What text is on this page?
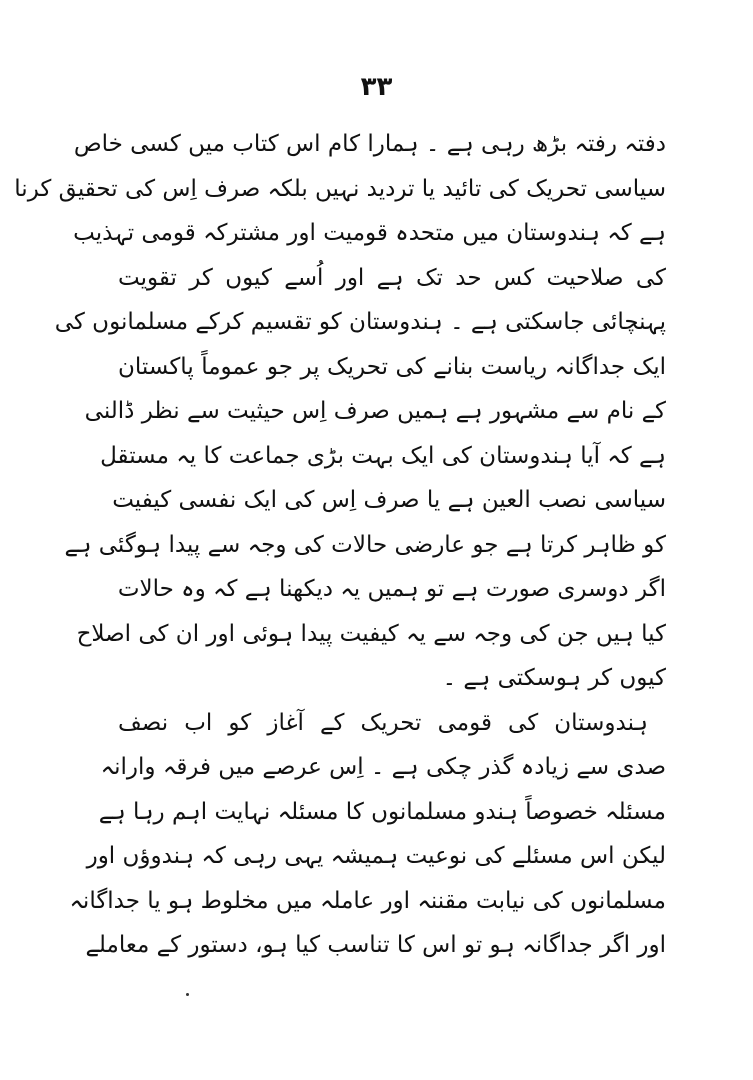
۳۳
دفتہ رفتہ بڑھ رہی ہے ۔ ہمارا کام اس کتاب میں کسی خاص
سیاسی تحریک کی تائید یا تردید نہیں بلکہ صرف اِس کی تحقیق کرنا
ہے کہ ہندوستان میں متحدہ قومیت اور مشترکہ قومی تہذیب
کی صلاحیت کس حد تک ہے اور اُسے کیوں کر تقویت
پہنچائی جاسکتی ہے ۔ ہندوستان کو تقسیم کرکے مسلمانوں کی
ایک جداگانہ ریاست بنانے کی تحریک پر جو عموماً پاکستان
کے نام سے مشہور ہے ہمیں صرف اِس حیثیت سے نظر ڈالنی
ہے کہ آیا ہندوستان کی ایک بہت بڑی جماعت کا یہ مستقل
سیاسی نصب العین ہے یا صرف اِس کی ایک نفسی کیفیت
کو ظاہر کرتا ہے جو عارضی حالات کی وجہ سے پیدا ہوگئی ہے
اگر دوسری صورت ہے تو ہمیں یہ دیکھنا ہے کہ وہ حالات
کیا ہیں جن کی وجہ سے یہ کیفیت پیدا ہوئی اور ان کی اصلاح
کیوں کر ہوسکتی ہے ۔
ہندوستان کی قومی تحریک کے آغاز کو اب نصف
صدی سے زیادہ گذر چکی ہے ۔ اِس عرصے میں فرقہ وارانہ
مسئلہ خصوصاً ہندو مسلمانوں کا مسئلہ نہایت اہم رہا ہے
لیکن اس مسئلے کی نوعیت ہمیشہ یہی رہی کہ ہندوؤں اور
مسلمانوں کی نیابت مقننہ اور عاملہ میں مخلوط ہو یا جداگانہ
اور اگر جداگانہ ہو تو اس کا تناسب کیا ہو، دستور کے معاملے
